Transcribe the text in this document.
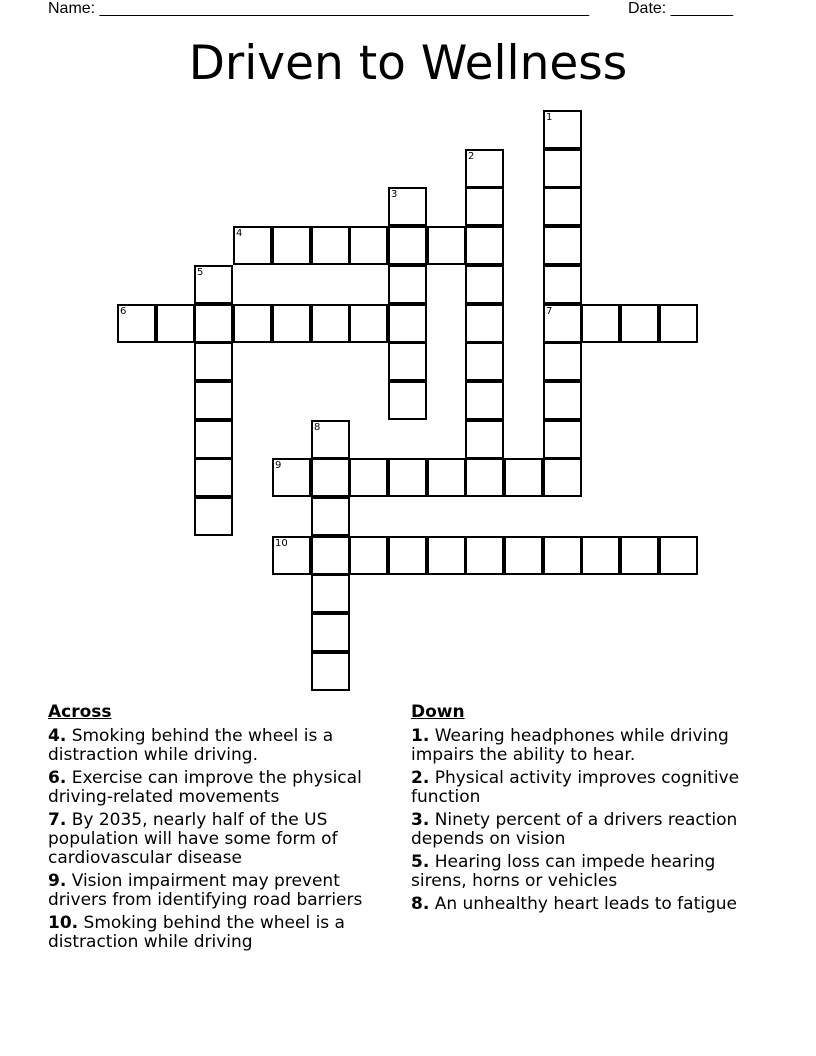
Name: _______________________________________________________ Date: _______
Driven to Wellness
1
7
2
3
4
5
6
8
9
10
Across
4. Smoking behind the wheel is a distraction while driving.
6. Exercise can improve the physical driving-related movements
7. By 2035, nearly half of the US population will have some form of cardiovascular disease
9. Vision impairment may prevent drivers from identifying road barriers
10. Smoking behind the wheel is a distraction while driving
Down
1. Wearing headphones while driving impairs the ability to hear.
2. Physical activity improves cognitive function
3. Ninety percent of a drivers reaction depends on vision
5. Hearing loss can impede hearing sirens, horns or vehicles
8. An unhealthy heart leads to fatigue
